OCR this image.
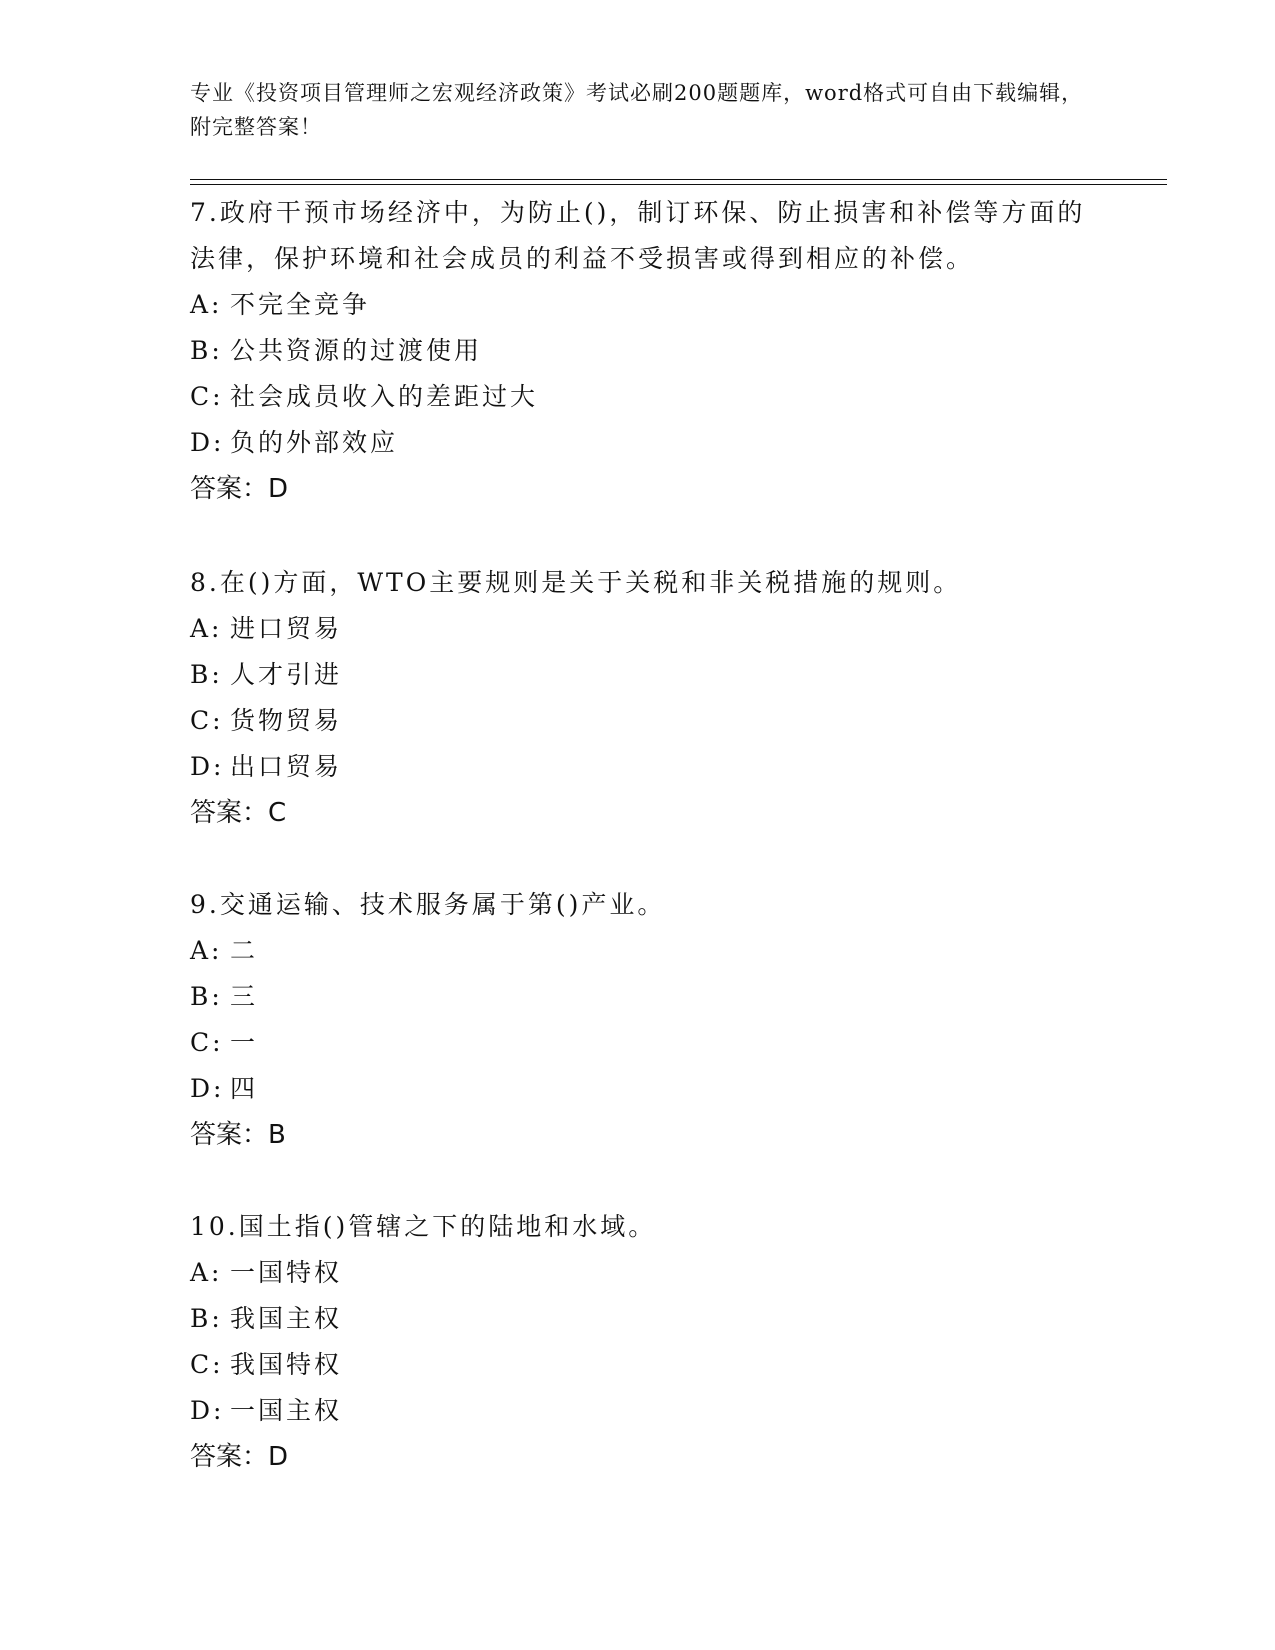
专业《投资项目管理师之宏观经济政策》考试必刷200题题库，word格式可自由下载编辑，附完整答案！

7.政府干预市场经济中，为防止()，制订环保、防止损害和补偿等方面的法律，保护环境和社会成员的利益不受损害或得到相应的补偿。

A: 不完全竞争

B: 公共资源的过渡使用

C: 社会成员收入的差距过大

D: 负的外部效应

答案：D

8.在()方面，WTO主要规则是关于关税和非关税措施的规则。

A: 进口贸易

B: 人才引进

C: 货物贸易

D: 出口贸易

答案：C

9.交通运输、技术服务属于第()产业。

A: 二

B: 三

C: 一

D: 四

答案：B

10.国土指()管辖之下的陆地和水域。

A: 一国特权

B: 我国主权

C: 我国特权

D: 一国主权

答案：D
